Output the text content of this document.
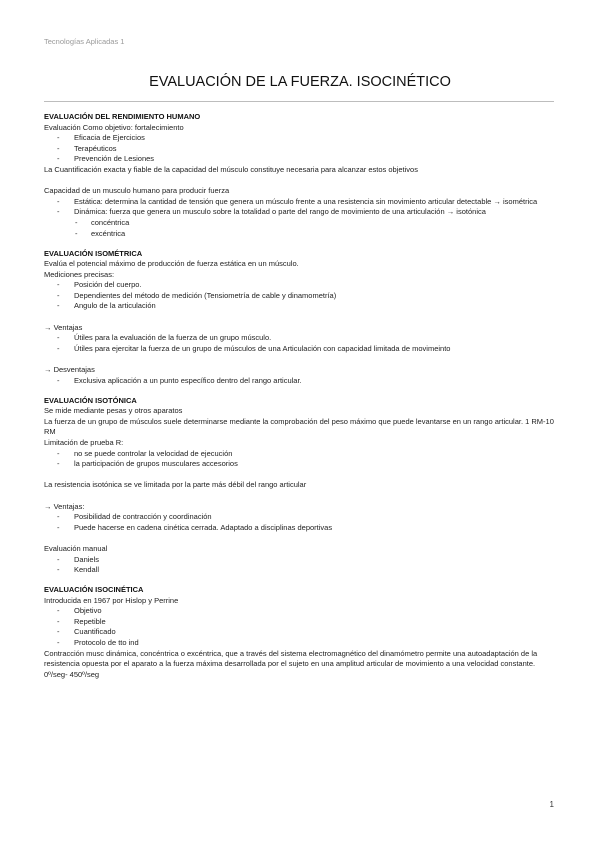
Tecnologías Aplicadas 1
EVALUACIÓN DE LA FUERZA. ISOCINÉTICO

EVALUACIÓN DEL RENDIMIENTO HUMANO

Evaluación Como objetivo: fortalecimiento

- Eficacia de Ejercicios
- Terapéuticos
- Prevención de Lesiones

La Cuantificación exacta y fiable de la capacidad del músculo constituye necesaria para alcanzar estos objetivos

Capacidad de un musculo humano para producir fuerza

- Estática: determina la cantidad de tensión que genera un músculo frente a una resistencia sin movimiento articular detectable → isométrica
- Dinámica: fuerza que genera un musculo sobre la totalidad o parte del rango de movimiento de una articulación → isotónica
- concéntrica
- excéntrica

EVALUACIÓN ISOMÉTRICA

Evalúa el potencial máximo de producción de fuerza estática en un músculo.

Mediciones precisas:

- Posición del cuerpo.
- Dependientes del método de medición (Tensiometría de cable y dinamometría)
- Angulo de la articulación

→ Ventajas

- Útiles para la evaluación de la fuerza de un grupo músculo.
- Útiles para ejercitar la fuerza de un grupo de músculos de una Articulación con capacidad limitada de movimeinto

→ Desventajas

- Exclusiva aplicación a un punto específico dentro del rango articular.

EVALUACIÓN ISOTÓNICA

Se mide mediante pesas y otros aparatos

La fuerza de un grupo de músculos suele determinarse mediante la comprobación del peso máximo que puede levantarse en un rango articular. 1 RM-10 RM

Limitación de prueba R:

- no se puede controlar la velocidad de ejecución
- la participación de grupos musculares accesorios

La resistencia isotónica se ve limitada por la parte más débil del rango articular

→ Ventajas:

- Posibilidad de contracción y coordinación
- Puede hacerse en cadena cinética cerrada. Adaptado a disciplinas deportivas

Evaluación manual

- Daniels
- Kendall

EVALUACIÓN ISOCINÉTICA

Introducida en 1967 por Hislop y Perrine

- Objetivo
- Repetible
- Cuantificado
- Protocolo de tto ind

Contracción musc dinámica, concéntrica o excéntrica, que a través del sistema electromagnético del dinamómetro permite una autoadaptación de la resistencia opuesta por el aparato a la fuerza máxima desarrollada por el sujeto en una amplitud articular de movimiento a una velocidad constante.

0º/seg- 450º/seg

1
